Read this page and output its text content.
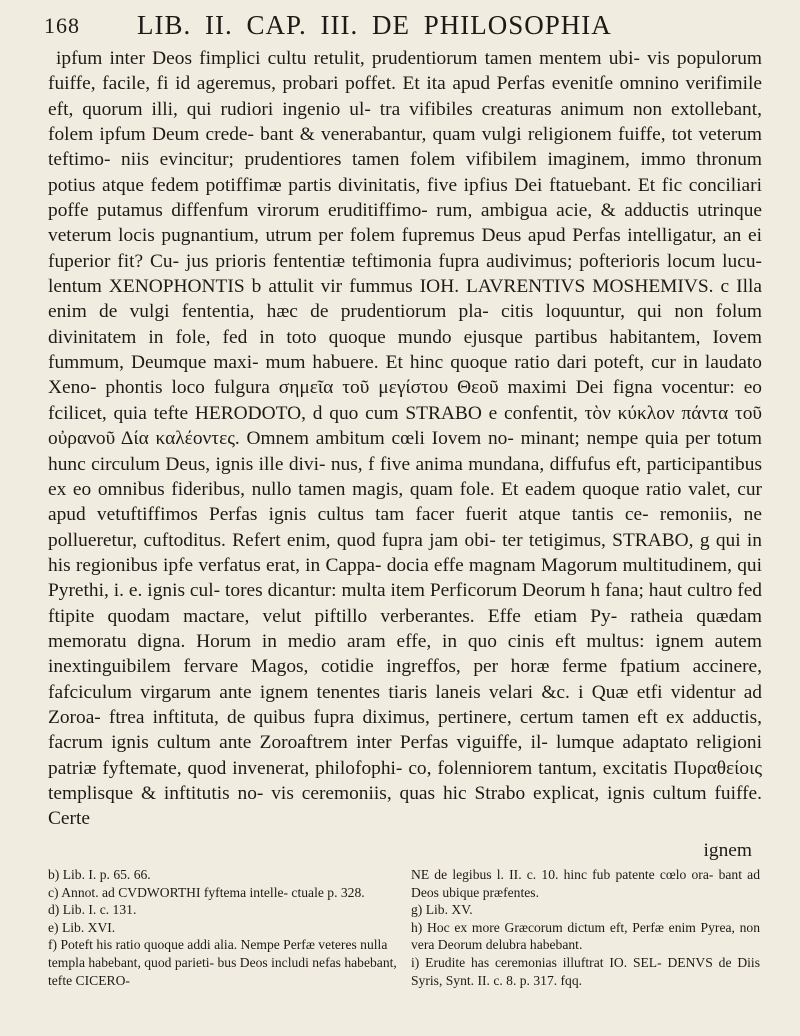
168 LIB. II. CAP. III. DE PHILOSOPHIA

ipfum inter Deos fimplici cultu retulit, prudentiorum tamen mentem ubi- vis populorum fuiffe, facile, fi id ageremus, probari poffet. Et ita apud Perfas evenitſe omnino verifimile eft, quorum illi, qui rudiori ingenio ul- tra vifibiles creaturas animum non extollebant, folem ipfum Deum crede- bant & venerabantur, quam vulgi religionem fuiffe, tot veterum teftimo- niis evincitur; prudentiores tamen folem vifibilem imaginem, immo thronum potius atque fedem potiffimæ partis divinitatis, five ipfius Dei ftatuebant. Et fic conciliari poffe putamus diffenfum virorum eruditiffimo- rum, ambigua acie, & adductis utrinque veterum locis pugnantium, utrum per folem fupremus Deus apud Perfas intelligatur, an ei fuperior fit? Cu- jus prioris fententiæ teftimonia fupra audivimus; pofterioris locum lucu- lentum XENOPHONTIS b attulit vir fummus IOH. LAVRENTIVS MOSHEMIVS. c Illa enim de vulgi fententia, hæc de prudentiorum pla- citis loquuntur, qui non folum divinitatem in fole, fed in toto quoque mundo ejusque partibus habitantem, Iovem fummum, Deumque maxi- mum habuere. Et hinc quoque ratio dari poteft, cur in laudato Xeno- phontis loco fulgura σημεῖα τοῦ μεγίστου Θεοῦ maximi Dei figna vocentur: eo fcilicet, quia tefte HERODOTO, d quo cum STRABO e confentit, τὸν κύκλον πάντα τοῦ οὐρανοῦ Δία καλέοντες. Omnem ambitum cœli Iovem no- minant; nempe quia per totum hunc circulum Deus, ignis ille divi- nus, f five anima mundana, diffufus eft, participantibus ex eo omnibus fideribus, nullo tamen magis, quam fole. Et eadem quoque ratio valet, cur apud vetuftiffimos Perfas ignis cultus tam facer fuerit atque tantis ce- remoniis, ne pollueretur, cuftoditus. Refert enim, quod fupra jam obi- ter tetigimus, STRABO, g qui in his regionibus ipfe verfatus erat, in Cappa- docia effe magnam Magorum multitudinem, qui Pyrethi, i. e. ignis cul- tores dicantur: multa item Perficorum Deorum h fana; haut cultro fed ftipite quodam mactare, velut piftillo verberantes. Effe etiam Py- ratheia quædam memoratu digna. Horum in medio aram effe, in quo cinis eft multus: ignem autem inextinguibilem fervare Magos, cotidie ingreffos, per horæ ferme fpatium accinere, fafciculum virgarum ante ignem tenentes tiaris laneis velari &c. i Quæ etfi videntur ad Zoroa- ftrea inftituta, de quibus fupra diximus, pertinere, certum tamen eft ex adductis, facrum ignis cultum ante Zoroaftrem inter Perfas viguiffe, il- lumque adaptato religioni patriæ fyftemate, quod invenerat, philofophi- co, folenniorem tantum, excitatis Πυραθείοις templisque & inftitutis no- vis ceremoniis, quas hic Strabo explicat, ignis cultum fuiffe. Certe

ignem

b) Lib. I. p. 65. 66.

c) Annot. ad CVDWORTHI fyftema intelle- ctuale p. 328.

d) Lib. I. c. 131.

e) Lib. XVI.

f) Poteft his ratio quoque addi alia. Nempe Perfæ veteres nulla templa habebant, quod parieti- bus Deos includi nefas habebant, tefte CICERO-

NE de legibus l. II. c. 10. hinc fub patente cœlo ora- bant ad Deos ubique præfentes.

g) Lib. XV.

h) Hoc ex more Græcorum dictum eft, Perfæ enim Pyrea, non vera Deorum delubra habebant.

i) Erudite has ceremonias illuftrat IO. SEL- DENVS de Diis Syris, Synt. II. c. 8. p. 317. fqq.
